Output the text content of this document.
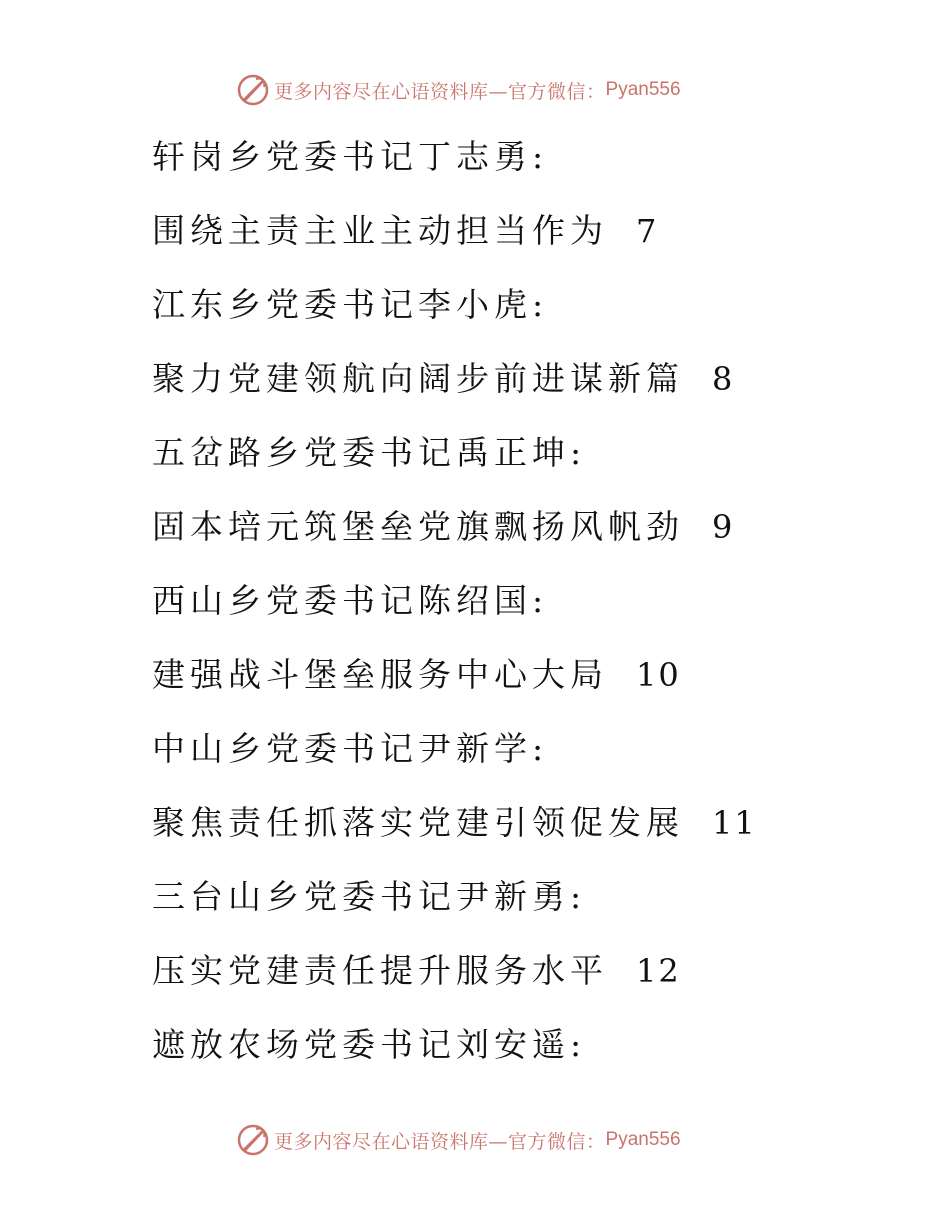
更多内容尽在心语资料库—官方微信： Pyan556
轩岗乡党委书记丁志勇:
围绕主责主业主动担当作为 7
江东乡党委书记李小虎:
聚力党建领航向阔步前进谋新篇 8
五岔路乡党委书记禹正坤:
固本培元筑堡垒党旗飘扬风帆劲 9
西山乡党委书记陈绍国:
建强战斗堡垒服务中心大局 10
中山乡党委书记尹新学:
聚焦责任抓落实党建引领促发展 11
三台山乡党委书记尹新勇:
压实党建责任提升服务水平 12
遮放农场党委书记刘安遥:
更多内容尽在心语资料库—官方微信： Pyan556
